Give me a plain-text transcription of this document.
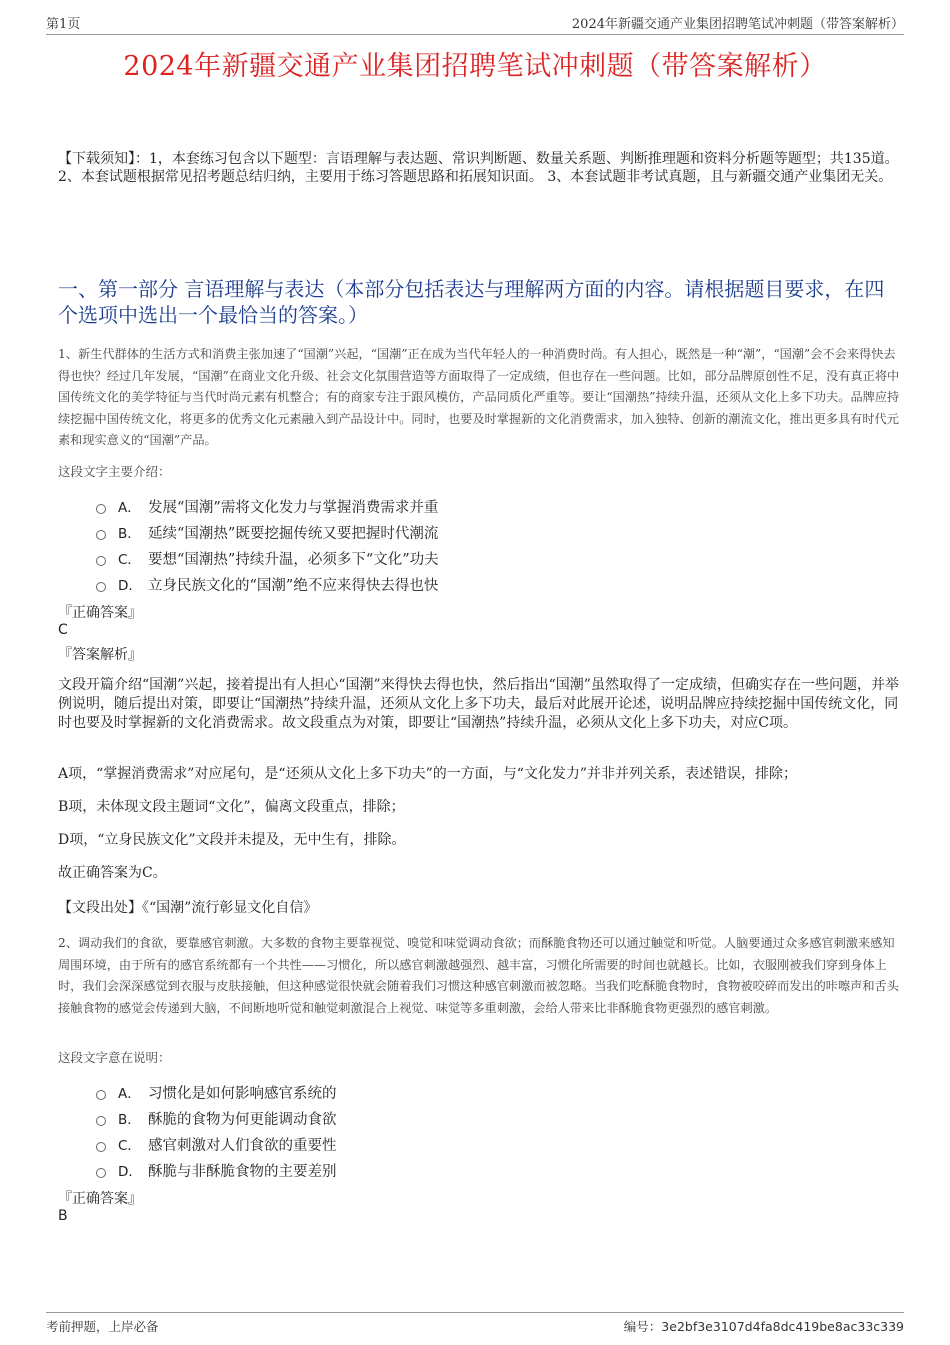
第1页	2024年新疆交通产业集团招聘笔试冲刺题（带答案解析）
2024年新疆交通产业集团招聘笔试冲刺题（带答案解析）
【下载须知】：1，本套练习包含以下题型：言语理解与表达题、常识判断题、数量关系题、判断推理题和资料分析题等题型；共135道。 2、本套试题根据常见招考题总结归纳，主要用于练习答题思路和拓展知识面。 3、本套试题非考试真题，且与新疆交通产业集团无关。
一、第一部分 言语理解与表达（本部分包括表达与理解两方面的内容。请根据题目要求，在四个选项中选出一个最恰当的答案。）
1、新生代群体的生活方式和消费主张加速了“国潮”兴起，“国潮”正在成为当代年轻人的一种消费时尚。有人担心，既然是一种“潮”，“国潮”会不会来得快去得也快？经过几年发展，“国潮”在商业文化升级、社会文化氛围营造等方面取得了一定成绩，但也存在一些问题。比如，部分品牌原创性不足，没有真正将中国传统文化的美学特征与当代时尚元素有机整合；有的商家专注于跟风模仿，产品同质化严重等。要让“国潮热”持续升温，还须从文化上多下功夫。品牌应持续挖掘中国传统文化，将更多的优秀文化元素融入到产品设计中。同时，也要及时掌握新的文化消费需求，加入独特、创新的潮流文化，推出更多具有时代元素和现实意义的“国潮”产品。
这段文字主要介绍：
A． 发展“国潮”需将文化发力与掌握消费需求并重
B． 延续“国潮热”既要挖掘传统又要把握时代潮流
C． 要想“国潮热”持续升温，必须多下“文化”功夫
D． 立身民族文化的“国潮”绝不应来得快去得也快
『正确答案』
C
『答案解析』
文段开篇介绍“国潮”兴起，接着提出有人担心“国潮”来得快去得也快，然后指出“国潮”虽然取得了一定成绩，但确实存在一些问题，并举例说明，随后提出对策，即要让“国潮热”持续升温，还须从文化上多下功夫，最后对此展开论述，说明品牌应持续挖掘中国传统文化，同时也要及时掌握新的文化消费需求。故文段重点为对策，即要让“国潮热”持续升温，必须从文化上多下功夫，对应C项。
A项，“掌握消费需求”对应尾句，是“还须从文化上多下功夫”的一方面，与“文化发力”并非并列关系，表述错误，排除；
B项，未体现文段主题词“文化”，偏离文段重点，排除；
D项，“立身民族文化”文段并未提及，无中生有，排除。
故正确答案为C。
【文段出处】《“国潮”流行彰显文化自信》
2、调动我们的食欲，要靠感官刺激。大多数的食物主要靠视觉、嗅觉和味觉调动食欲；而酥脆食物还可以通过触觉和听觉。人脑要通过众多感官刺激来感知周围环境，由于所有的感官系统都有一个共性——习惯化，所以感官刺激越强烈、越丰富，习惯化所需要的时间也就越长。比如，衣服刚被我们穿到身体上时，我们会深深感觉到衣服与皮肤接触，但这种感觉很快就会随着我们习惯这种感官刺激而被忽略。当我们吃酥脆食物时，食物被咬碎而发出的咔嚓声和舌头接触食物的感觉会传递到大脑，不间断地听觉和触觉刺激混合上视觉、味觉等多重刺激，会给人带来比非酥脆食物更强烈的感官刺激。
这段文字意在说明：
A． 习惯化是如何影响感官系统的
B． 酥脆的食物为何更能调动食欲
C． 感官刺激对人们食欲的重要性
D． 酥脆与非酥脆食物的主要差别
『正确答案』
B
考前押题，上岸必备	编号：3e2bf3e3107d4fa8dc419be8ac33c339
